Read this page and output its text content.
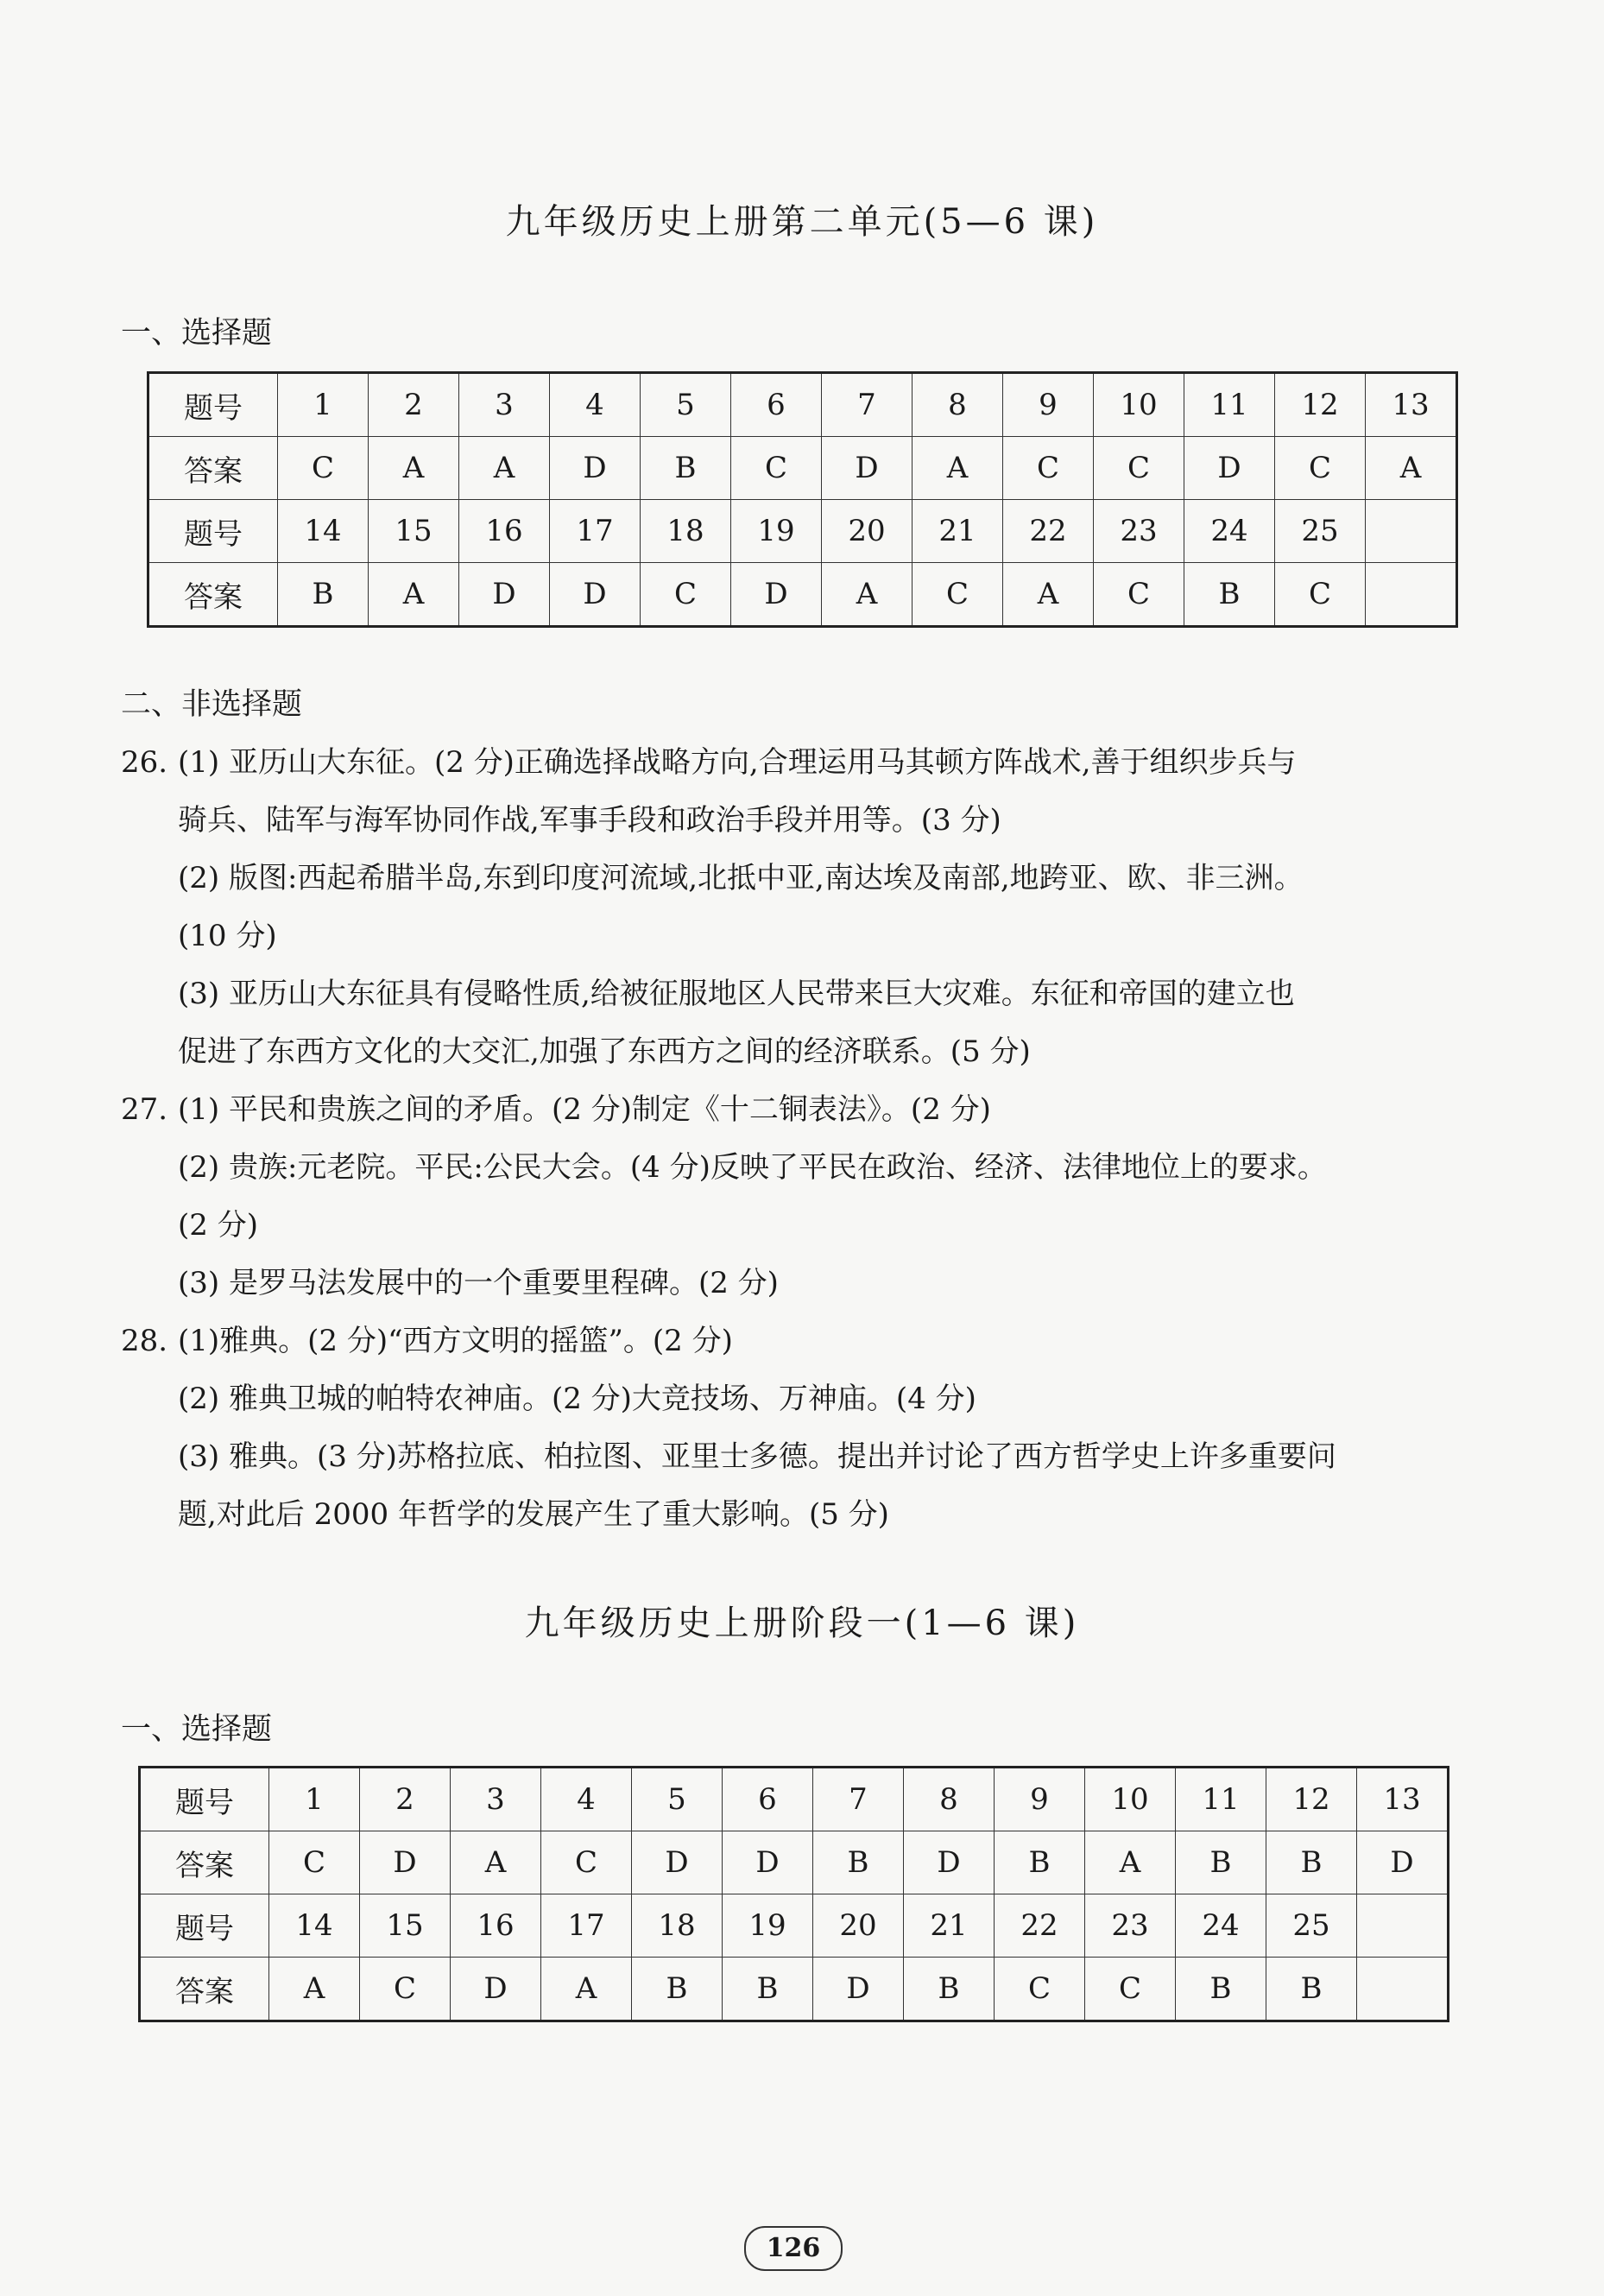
九年级历史上册第二单元(5—6 课)
一、选择题
题号	1	2	3	4	5	6	7	8	9	10	11	12	13
答案	C	A	A	D	B	C	D	A	C	C	D	C	A
题号	14	15	16	17	18	19	20	21	22	23	24	25	
答案	B	A	D	D	C	D	A	C	A	C	B	C	
二、非选择题

26. (1) 亚历山大东征。(2 分)正确选择战略方向,合理运用马其顿方阵战术,善于组织步兵与

骑兵、陆军与海军协同作战,军事手段和政治手段并用等。(3 分)

(2) 版图:西起希腊半岛,东到印度河流域,北抵中亚,南达埃及南部,地跨亚、欧、非三洲。

(10 分)

(3) 亚历山大东征具有侵略性质,给被征服地区人民带来巨大灾难。东征和帝国的建立也

促进了东西方文化的大交汇,加强了东西方之间的经济联系。(5 分)

27. (1) 平民和贵族之间的矛盾。(2 分)制定《十二铜表法》。(2 分)

(2) 贵族:元老院。平民:公民大会。(4 分)反映了平民在政治、经济、法律地位上的要求。

(2 分)

(3) 是罗马法发展中的一个重要里程碑。(2 分)

28. (1)雅典。(2 分)“西方文明的摇篮”。(2 分)

(2) 雅典卫城的帕特农神庙。(2 分)大竞技场、万神庙。(4 分)

(3) 雅典。(3 分)苏格拉底、柏拉图、亚里士多德。提出并讨论了西方哲学史上许多重要问

题,对此后 2000 年哲学的发展产生了重大影响。(5 分)

九年级历史上册阶段一(1—6 课)
一、选择题
题号	1	2	3	4	5	6	7	8	9	10	11	12	13
答案	C	D	A	C	D	D	B	D	B	A	B	B	D
题号	14	15	16	17	18	19	20	21	22	23	24	25	
答案	A	C	D	A	B	B	D	B	C	C	B	B	
126
